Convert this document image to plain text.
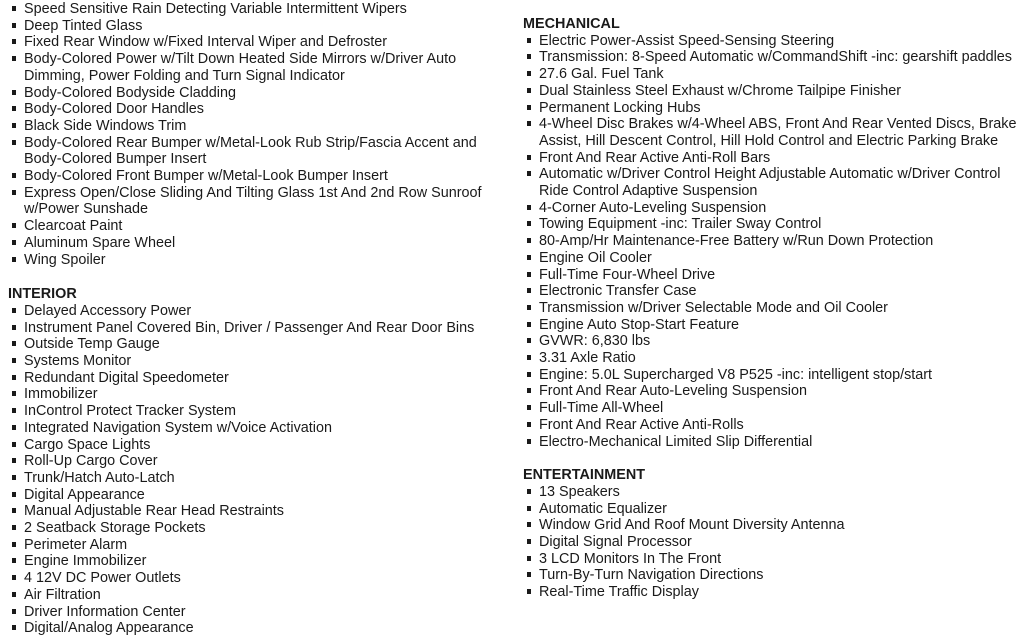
Speed Sensitive Rain Detecting Variable Intermittent Wipers
Deep Tinted Glass
Fixed Rear Window w/Fixed Interval Wiper and Defroster
Body-Colored Power w/Tilt Down Heated Side Mirrors w/Driver Auto Dimming, Power Folding and Turn Signal Indicator
Body-Colored Bodyside Cladding
Body-Colored Door Handles
Black Side Windows Trim
Body-Colored Rear Bumper w/Metal-Look Rub Strip/Fascia Accent and Body-Colored Bumper Insert
Body-Colored Front Bumper w/Metal-Look Bumper Insert
Express Open/Close Sliding And Tilting Glass 1st And 2nd Row Sunroof w/Power Sunshade
Clearcoat Paint
Aluminum Spare Wheel
Wing Spoiler
INTERIOR
Delayed Accessory Power
Instrument Panel Covered Bin, Driver / Passenger And Rear Door Bins
Outside Temp Gauge
Systems Monitor
Redundant Digital Speedometer
Immobilizer
InControl Protect Tracker System
Integrated Navigation System w/Voice Activation
Cargo Space Lights
Roll-Up Cargo Cover
Trunk/Hatch Auto-Latch
Digital Appearance
Manual Adjustable Rear Head Restraints
2 Seatback Storage Pockets
Perimeter Alarm
Engine Immobilizer
4 12V DC Power Outlets
Air Filtration
Driver Information Center
Digital/Analog Appearance
MECHANICAL
Electric Power-Assist Speed-Sensing Steering
Transmission: 8-Speed Automatic w/CommandShift -inc: gearshift paddles
27.6 Gal. Fuel Tank
Dual Stainless Steel Exhaust w/Chrome Tailpipe Finisher
Permanent Locking Hubs
4-Wheel Disc Brakes w/4-Wheel ABS, Front And Rear Vented Discs, Brake Assist, Hill Descent Control, Hill Hold Control and Electric Parking Brake
Front And Rear Active Anti-Roll Bars
Automatic w/Driver Control Height Adjustable Automatic w/Driver Control Ride Control Adaptive Suspension
4-Corner Auto-Leveling Suspension
Towing Equipment -inc: Trailer Sway Control
80-Amp/Hr Maintenance-Free Battery w/Run Down Protection
Engine Oil Cooler
Full-Time Four-Wheel Drive
Electronic Transfer Case
Transmission w/Driver Selectable Mode and Oil Cooler
Engine Auto Stop-Start Feature
GVWR: 6,830 lbs
3.31 Axle Ratio
Engine: 5.0L Supercharged V8 P525 -inc: intelligent stop/start
Front And Rear Auto-Leveling Suspension
Full-Time All-Wheel
Front And Rear Active Anti-Rolls
Electro-Mechanical Limited Slip Differential
ENTERTAINMENT
13 Speakers
Automatic Equalizer
Window Grid And Roof Mount Diversity Antenna
Digital Signal Processor
3 LCD Monitors In The Front
Turn-By-Turn Navigation Directions
Real-Time Traffic Display
